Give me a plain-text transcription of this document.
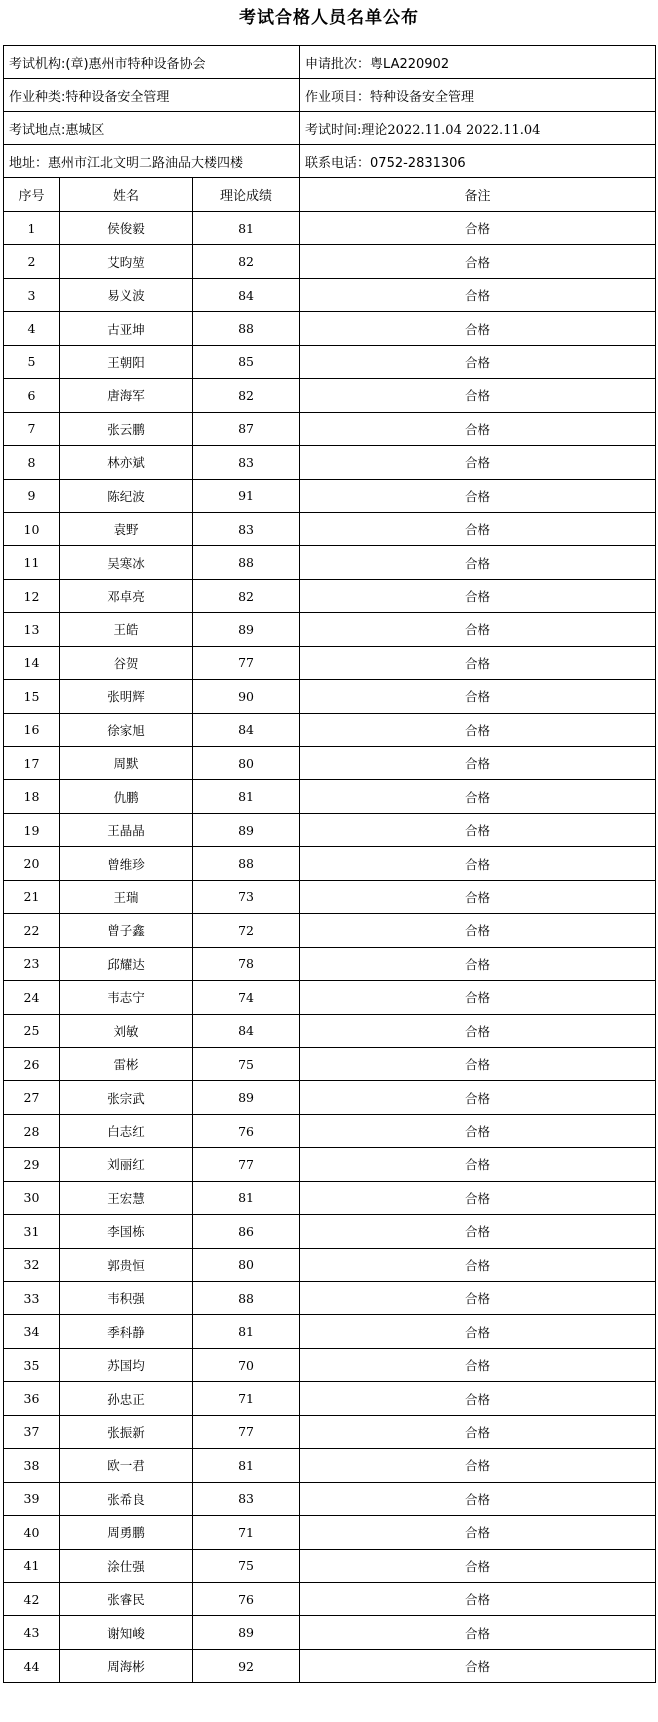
考试合格人员名单公布
考试机构:(章)惠州市特种设备协会			申请批次：粤LA220902
作业种类:特种设备安全管理			作业项目：特种设备安全管理
考试地点:惠城区			考试时间:理论2022.11.04 2022.11.04
地址：惠州市江北文明二路油品大楼四楼			联系电话：0752-2831306
序号	姓名	理论成绩	备注
1	侯俊毅	81	合格
2	艾昀堃	82	合格
3	易义波	84	合格
4	古亚坤	88	合格
5	王朝阳	85	合格
6	唐海军	82	合格
7	张云鹏	87	合格
8	林亦斌	83	合格
9	陈纪波	91	合格
10	袁野	83	合格
11	吴寒冰	88	合格
12	邓卓亮	82	合格
13	王皓	89	合格
14	谷贺	77	合格
15	张明辉	90	合格
16	徐家旭	84	合格
17	周默	80	合格
18	仇鹏	81	合格
19	王晶晶	89	合格
20	曾维珍	88	合格
21	王瑞	73	合格
22	曾子鑫	72	合格
23	邱耀达	78	合格
24	韦志宁	74	合格
25	刘敏	84	合格
26	雷彬	75	合格
27	张宗武	89	合格
28	白志红	76	合格
29	刘丽红	77	合格
30	王宏慧	81	合格
31	李国栋	86	合格
32	郭贵恒	80	合格
33	韦积强	88	合格
34	季科静	81	合格
35	苏国均	70	合格
36	孙忠正	71	合格
37	张振新	77	合格
38	欧一君	81	合格
39	张希良	83	合格
40	周勇鹏	71	合格
41	涂仕强	75	合格
42	张睿民	76	合格
43	谢知峻	89	合格
44	周海彬	92	合格
